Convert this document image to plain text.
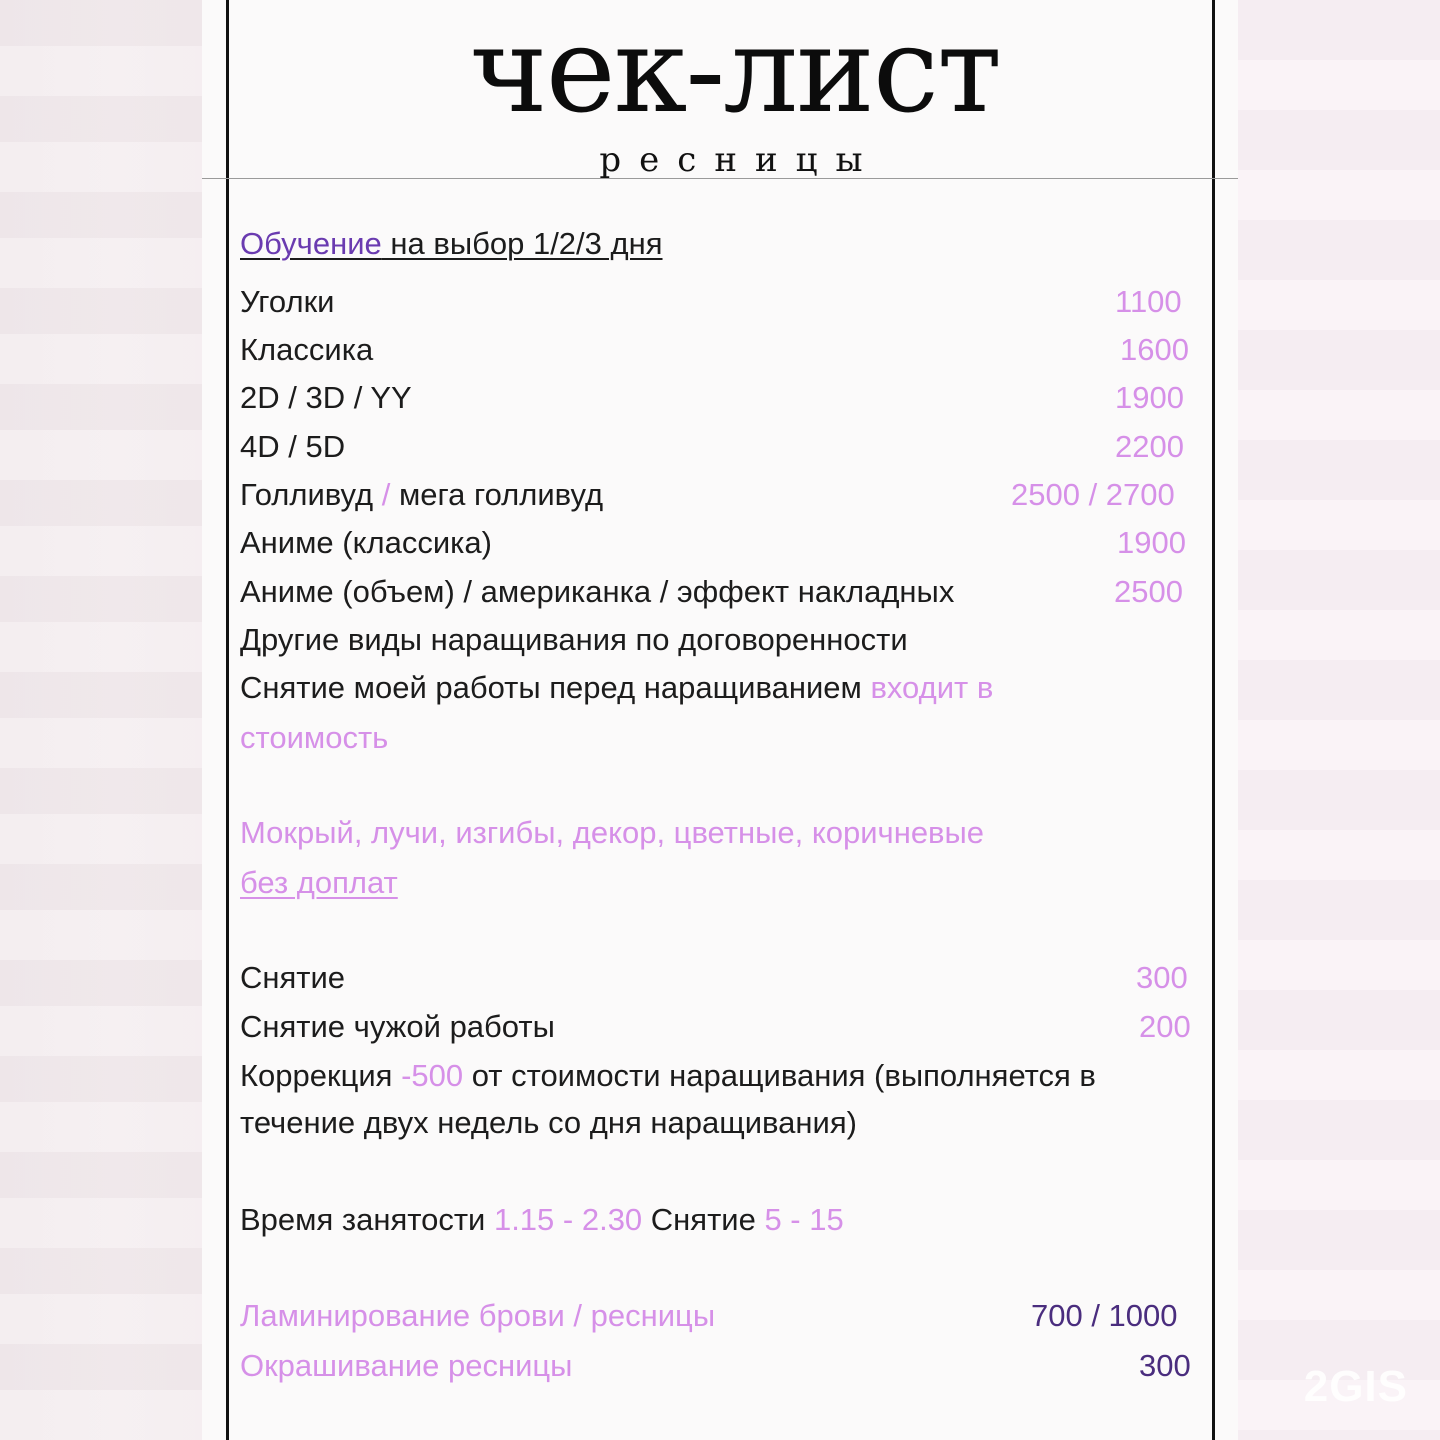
чек-лист
ресницы
Обучение на выбор 1/2/3 дня
Уголки	1100
Классика	1600
2D / 3D / YY	1900
4D / 5D	2200
Голливуд / мега голливуд	2500 / 2700
Аниме (классика)	1900
Аниме (объем) / американка / эффект накладных	2500
Другие виды наращивания по договоренности
Снятие моей работы перед наращиванием входит в
стоимость
Мокрый, лучи, изгибы, декор, цветные, коричневые
без доплат
Снятие	300
Снятие чужой работы	200
Коррекция -500 от стоимости наращивания (выполняется в
течение двух недель со дня наращивания)
Время занятости 1.15 - 2.30 Снятие 5 - 15
Ламинирование брови / ресницы	700 / 1000
Окрашивание ресницы	300	2GIS
